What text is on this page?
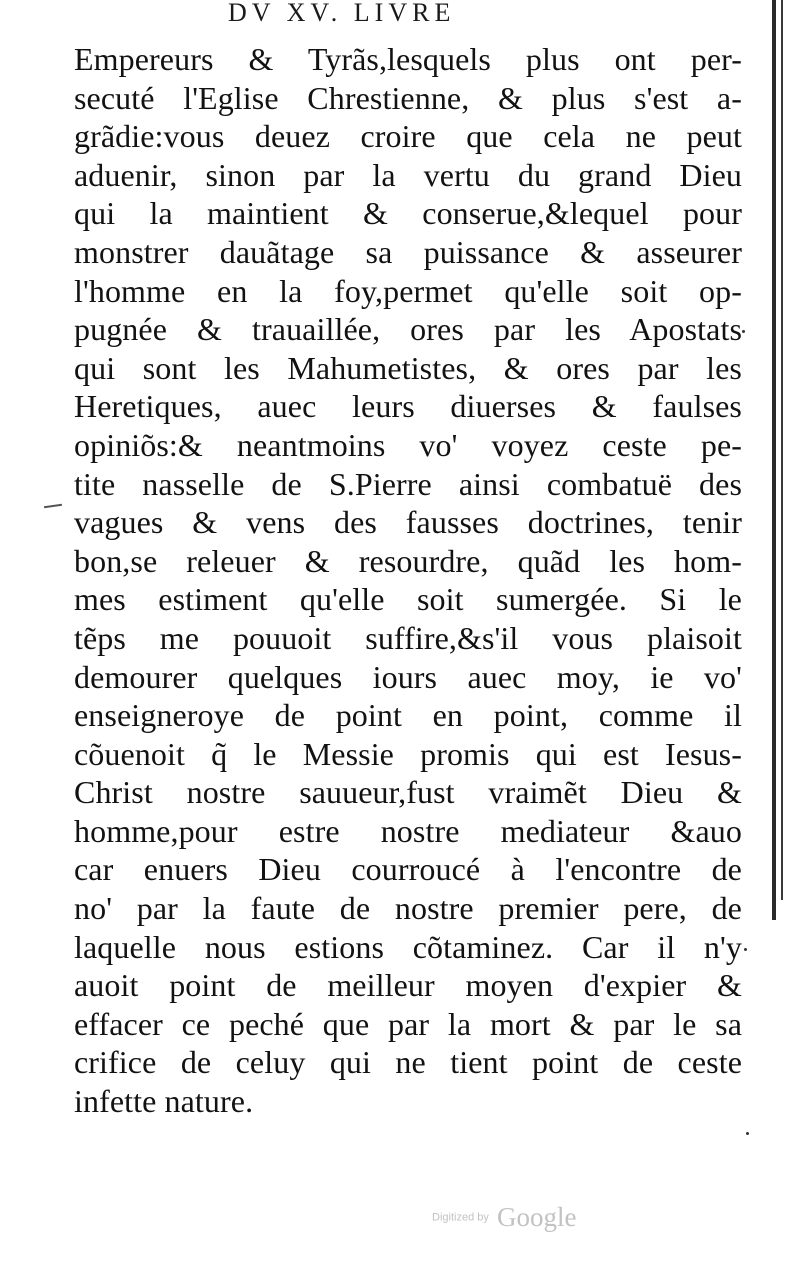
DV XV. LIVRE
Empereurs & Tyrãs,lesquels plus ont per-
secuté l'Eglise Chrestienne, & plus s'est a-
grãdie:vous deuez croire que cela ne peut
aduenir, sinon par la vertu du grand Dieu
qui la maintient & conserue,&lequel pour
monstrer dauãtage sa puissance & asseurer
l'homme en la foy,permet qu'elle soit op-
pugnée & trauaillée, ores par les Apostats
qui sont les Mahumetistes, & ores par les
Heretiques, auec leurs diuerses & faulses
opiniõs:& neantmoins vo' voyez ceste pe-
tite nasselle de S.Pierre ainsi combatuë des
vagues & vens des fausses doctrines, tenir
bon,se releuer & resourdre, quãd les hom-
mes estiment qu'elle soit sumergée. Si le
tẽps me pouuoit suffire,&s'il vous plaisoit
demourer quelques iours auec moy, ie vo'
enseigneroye de point en point, comme il
cõuenoit q̃ le Messie promis qui est Iesus-
Christ nostre sauueur,fust vraimẽt Dieu &
homme,pour estre nostre mediateur &auo
car enuers Dieu courroucé à l'encontre de
no' par la faute de nostre premier pere, de
laquelle nous estions cõtaminez. Car il n'y
auoit point de meilleur moyen d'expier &
effacer ce peché que par la mort & par le sa
crifice de celuy qui ne tient point de ceste
infette nature.
Digitized by Google
